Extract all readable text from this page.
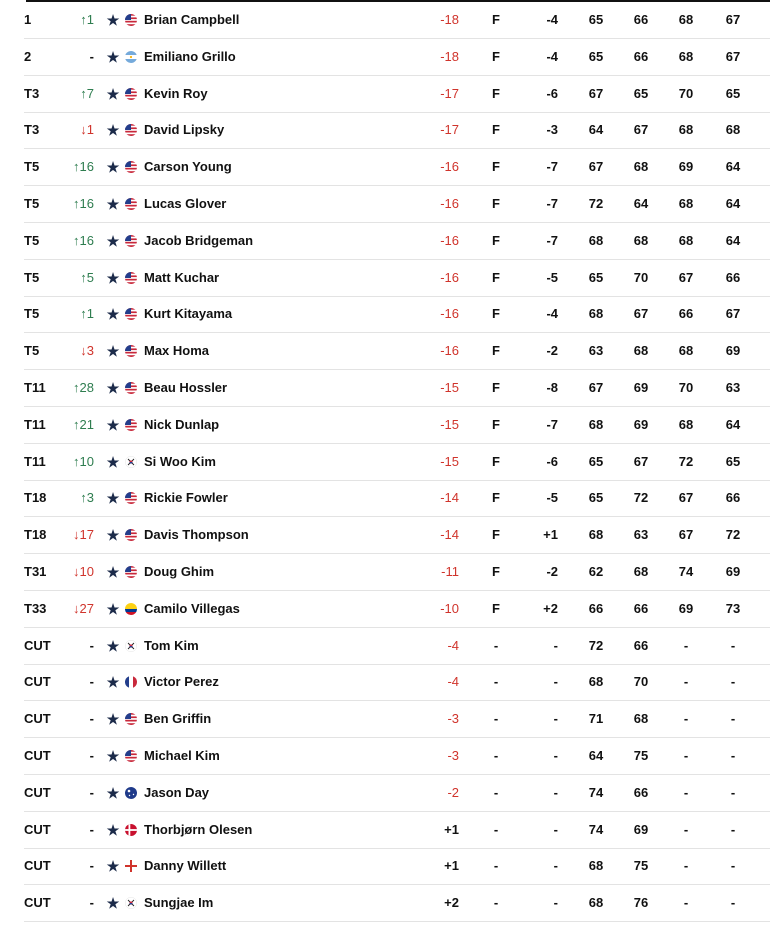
1	↑1 ★ Brian Campbell	-18	F	-4	65	66	68	67
2	- ★ Emiliano Grillo	-18	F	-4	65	66	68	67
T3	↑7 ★ Kevin Roy	-17	F	-6	67	65	70	65
T3	↓1 ★ David Lipsky	-17	F	-3	64	67	68	68
T5	↑16 ★ Carson Young	-16	F	-7	67	68	69	64
T5	↑16 ★ Lucas Glover	-16	F	-7	72	64	68	64
T5	↑16 ★ Jacob Bridgeman	-16	F	-7	68	68	68	64
T5	↑5 ★ Matt Kuchar	-16	F	-5	65	70	67	66
T5	↑1 ★ Kurt Kitayama	-16	F	-4	68	67	66	67
T5	↓3 ★ Max Homa	-16	F	-2	63	68	68	69
T11	↑28 ★ Beau Hossler	-15	F	-8	67	69	70	63
T11	↑21 ★ Nick Dunlap	-15	F	-7	68	69	68	64
T11	↑10 ★ Si Woo Kim	-15	F	-6	65	67	72	65
T18	↑3 ★ Rickie Fowler	-14	F	-5	65	72	67	66
T18	↓17 ★ Davis Thompson	-14	F	+1	68	63	67	72
T31	↓10 ★ Doug Ghim	-11	F	-2	62	68	74	69
T33	↓27 ★ Camilo Villegas	-10	F	+2	66	66	69	73
CUT	- ★ Tom Kim	-4	-	-	72	66	-	-
CUT	- ★ Victor Perez	-4	-	-	68	70	-	-
CUT	- ★ Ben Griffin	-3	-	-	71	68	-	-
CUT	- ★ Michael Kim	-3	-	-	64	75	-	-
CUT	- ★ Jason Day	-2	-	-	74	66	-	-
CUT	- ★ Thorbjørn Olesen	+1	-	-	74	69	-	-
CUT	- ★ Danny Willett	+1	-	-	68	75	-	-
CUT	- ★ Sungjae Im	+2	-	-	68	76	-	-
